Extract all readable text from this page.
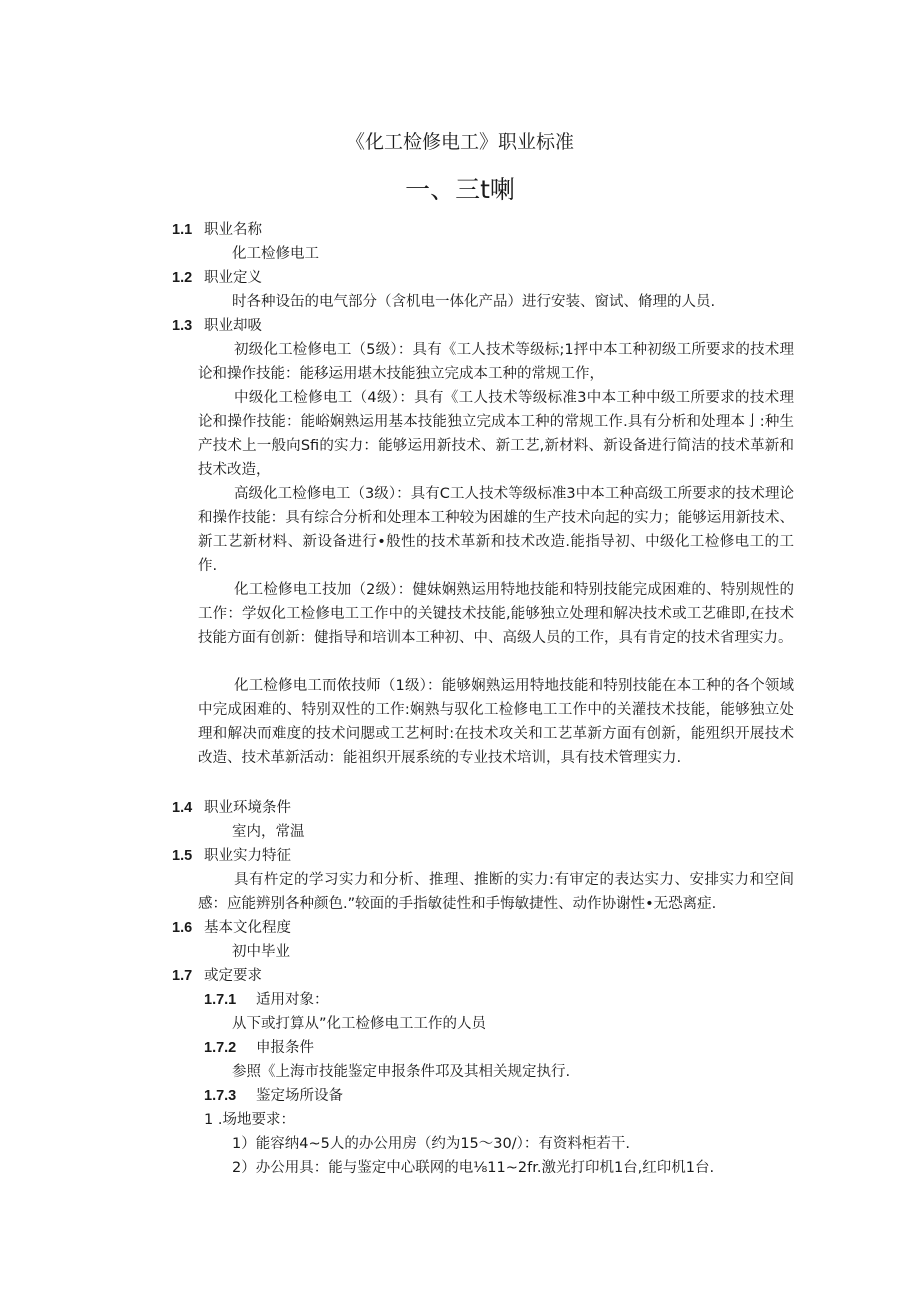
《化工检修电工》职业标准
一、三t喇
1.1 职业名称
化工检修电工
1.2 职业定义
时各种设缶的电气部分（含机电一体化产品）进行安装、窗试、脩理的人员.
1.3 职业却吸
初级化工检修电工（5级）：具有《工人技术等级标;1抨中本工种初级工所要求的技术理论和操作技能：能移运用堪木技能独立完成本工种的常规工作，
中级化工检修电工（4级）：具有《工人技术等级标准3中本工种中级工所要求的技术理论和操作技能：能峪娴熟运用基本技能独立完成本工种的常规工作.具有分析和处理本亅:种生产技术上一般向Sfi的实力：能够运用新技术、新工艺,新材料、新设备进行简洁的技术革新和技术改造，
高级化工检修电工（3级）：具有C工人技术等级标准3中本工种高级工所要求的技术理论和操作技能：具有综合分析和处理本工种较为困雄的生产技术向起的实力；能够运用新技术、新工艺新材料、新设备进行•般性的技术革新和技术改造.能指导初、中级化工检修电工的工作.
化工检修电工技加（2级）：健妹娴熟运用特地技能和特别技能完成困难的、特别规性的工作：学奴化工检修电工工作中的关键技术技能,能够独立处理和解决技术或工艺碓即,在技术技能方面有创新：健指导和培训本工种初、中、高级人员的工作，具有肯定的技术省理实力。
化工检修电工而侬技师（1级）：能够娴熟运用特地技能和特别技能在本工种的各个领域中完成困难的、特别双性的工作:娴熟与驭化工检修电工工作中的关灌技术技能，能够独立处理和解决而难度的技术问腮或工艺柯时:在技术攻关和工艺革新方面有创新，能殂织开展技术改造、技术革新活动：能祖织开展系统的专业技术培训，具有技术管理实力.
1.4 职业环境条件
室内，常温
1.5 职业实力特征
具有杵定的学习实力和分析、推理、推断的实力:有审定的表达实力、安排实力和空间感：应能辨别各种颜色.”较面的手指敏徒性和手悔敏捷性、动作协谢性•无恐离症.
1.6 基本文化程度
初中毕业
1.7 或定要求
1.7.1 适用对象：
从下或打算从”化工检修电工工作的人员
1.7.2 申报条件
参照《上海市技能鉴定申报条件邛及其相关规定执行.
1.7.3 鉴定场所设备
1 .场地要求：
1）能容纳4~5人的办公用房（约为15〜30/）：有资料柜若干.
2）办公用具：能与鉴定中心联网的电⅛11~2fr.激光打印机1台,红印机1台.
